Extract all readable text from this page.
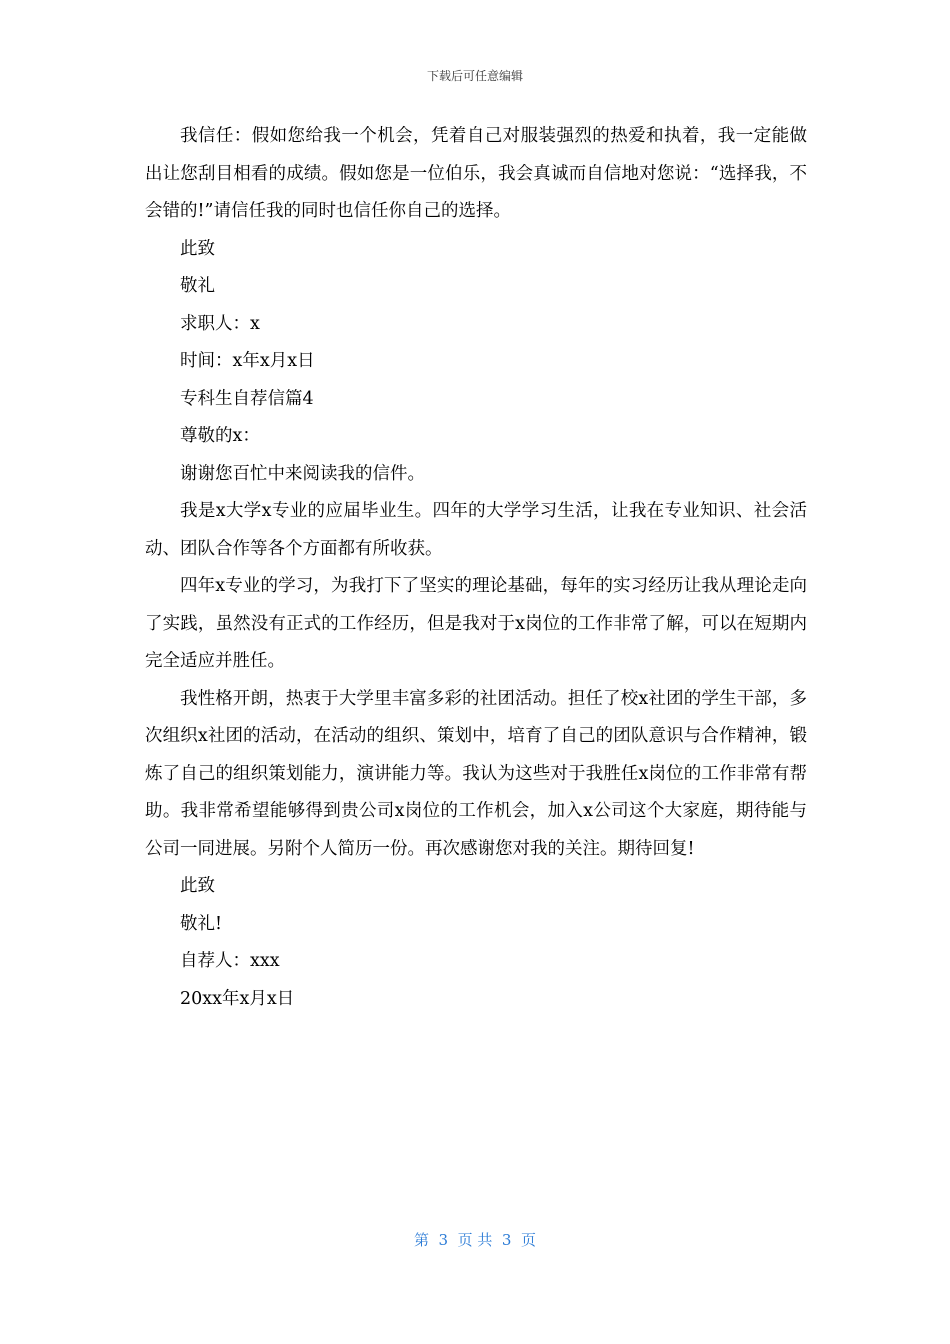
下载后可任意编辑

我信任：假如您给我一个机会，凭着自己对服装强烈的热爱和执着，我一定能做出让您刮目相看的成绩。假如您是一位伯乐，我会真诚而自信地对您说：“选择我，不会错的!”请信任我的同时也信任你自己的选择。

此致

敬礼

求职人：x

时间：x年x月x日

专科生自荐信篇4

尊敬的x：

谢谢您百忙中来阅读我的信件。

我是x大学x专业的应届毕业生。四年的大学学习生活，让我在专业知识、社会活动、团队合作等各个方面都有所收获。

四年x专业的学习，为我打下了坚实的理论基础，每年的实习经历让我从理论走向了实践，虽然没有正式的工作经历，但是我对于x岗位的工作非常了解，可以在短期内完全适应并胜任。

我性格开朗，热衷于大学里丰富多彩的社团活动。担任了校x社团的学生干部，多次组织x社团的活动，在活动的组织、策划中，培育了自己的团队意识与合作精神，锻炼了自己的组织策划能力，演讲能力等。我认为这些对于我胜任x岗位的工作非常有帮助。我非常希望能够得到贵公司x岗位的工作机会，加入x公司这个大家庭，期待能与公司一同进展。另附个人简历一份。再次感谢您对我的关注。期待回复!

此致

敬礼!

自荐人：xxx

20xx年x月x日

第  3  页 共  3  页
